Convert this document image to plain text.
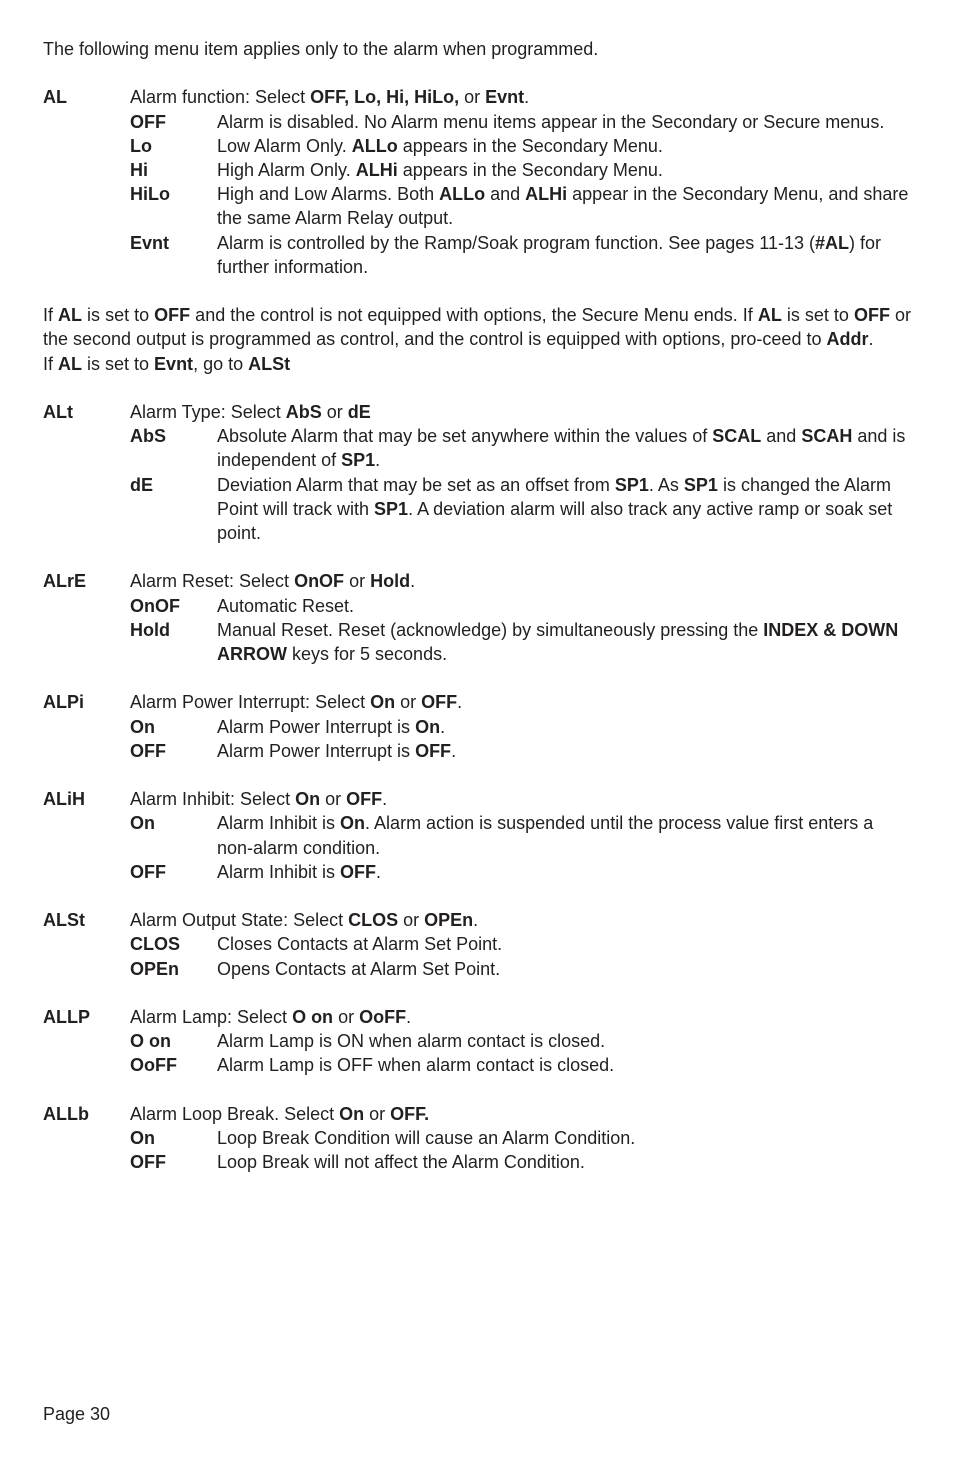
The following menu item applies only to the alarm when programmed.
AL	Alarm function: Select OFF, Lo, Hi, HiLo, or Evnt.
OFF	Alarm is disabled. No Alarm menu items appear in the Secondary or Secure menus.
Lo	Low Alarm Only. ALLo appears in the Secondary Menu.
Hi	High Alarm Only. ALHi appears in the Secondary Menu.
HiLo	High and Low Alarms. Both ALLo and ALHi appear in the Secondary Menu, and share the same Alarm Relay output.
Evnt	Alarm is controlled by the Ramp/Soak program function. See pages 11-13 (#AL) for further information.
If AL is set to OFF and the control is not equipped with options, the Secure Menu ends. If AL is set to OFF or the second output is programmed as control, and the control is equipped with options, pro-ceed to Addr.
If AL is set to Evnt, go to ALSt
ALt	Alarm Type: Select AbS or dE
AbS	Absolute Alarm that may be set anywhere within the values of SCAL and SCAH and is independent of SP1.
dE	Deviation Alarm that may be set as an offset from SP1. As SP1 is changed the Alarm Point will track with SP1. A deviation alarm will also track any active ramp or soak set point.
ALrE	Alarm Reset: Select OnOF or Hold.
OnOF	Automatic Reset.
Hold	Manual Reset. Reset (acknowledge) by simultaneously pressing the INDEX & DOWN ARROW keys for 5 seconds.
ALPi	Alarm Power Interrupt: Select On or OFF.
On	Alarm Power Interrupt is On.
OFF	Alarm Power Interrupt is OFF.
ALiH	Alarm Inhibit: Select On or OFF.
On	Alarm Inhibit is On. Alarm action is suspended until the process value first enters a non-alarm condition.
OFF	Alarm Inhibit is OFF.
ALSt	Alarm Output State: Select CLOS or OPEn.
CLOS	Closes Contacts at Alarm Set Point.
OPEn	Opens Contacts at Alarm Set Point.
ALLP	Alarm Lamp: Select O on or OoFF.
O on	Alarm Lamp is ON when alarm contact is closed.
OoFF	Alarm Lamp is OFF when alarm contact is closed.
ALLb	Alarm Loop Break. Select On or OFF.
On	Loop Break Condition will cause an Alarm Condition.
OFF	Loop Break will not affect the Alarm Condition.
Page 30
